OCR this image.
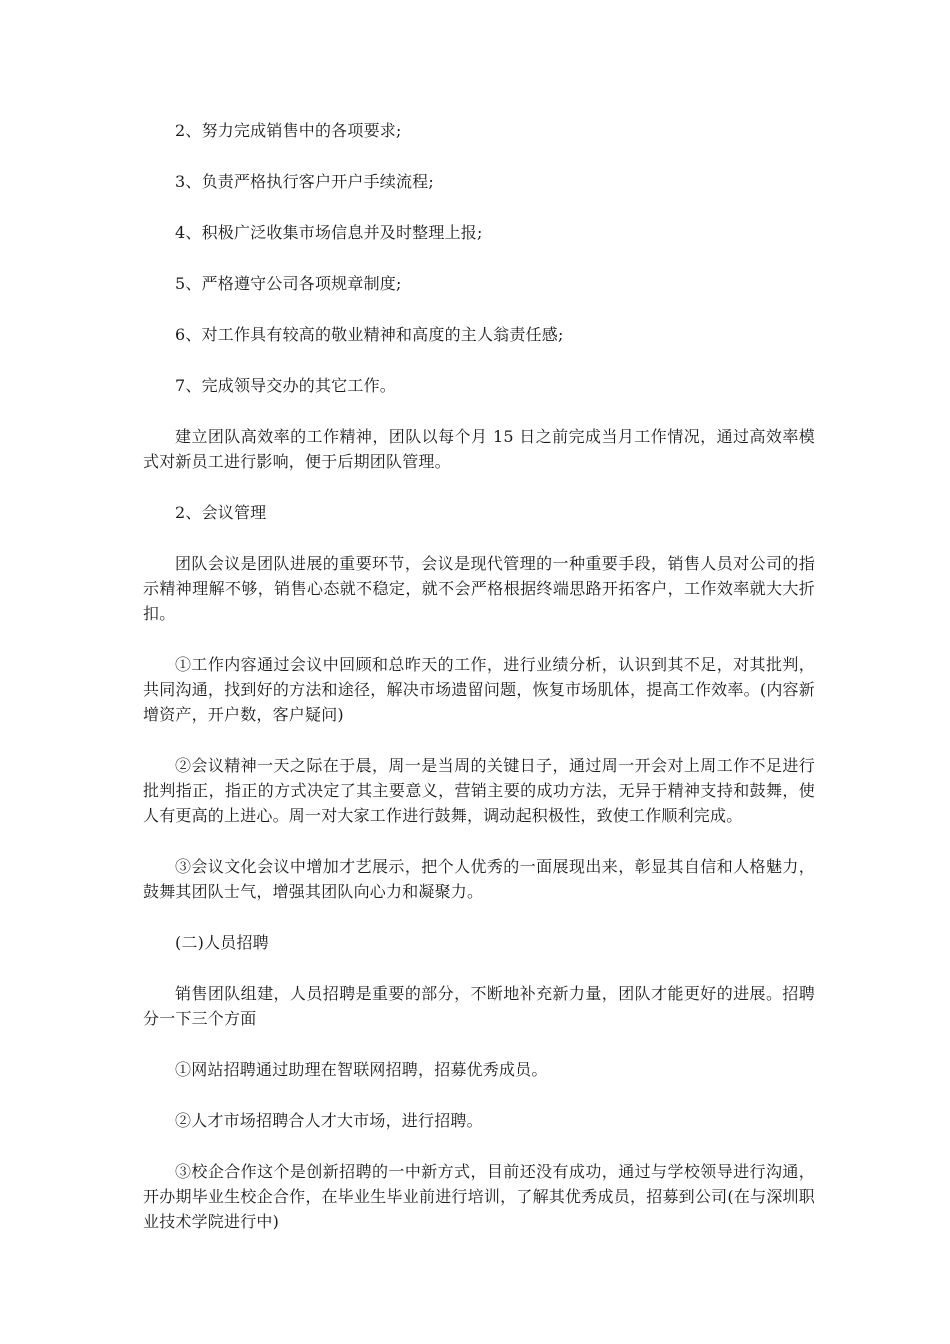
2、努力完成销售中的各项要求;

3、负责严格执行客户开户手续流程;

4、积极广泛收集市场信息并及时整理上报;

5、严格遵守公司各项规章制度;

6、对工作具有较高的敬业精神和高度的主人翁责任感;

7、完成领导交办的其它工作。

建立团队高效率的工作精神，团队以每个月 15 日之前完成当月工作情况，通过高效率模式对新员工进行影响，便于后期团队管理。

2、会议管理

团队会议是团队进展的重要环节，会议是现代管理的一种重要手段，销售人员对公司的指示精神理解不够，销售心态就不稳定，就不会严格根据终端思路开拓客户，工作效率就大大折扣。

①工作内容通过会议中回顾和总昨天的工作，进行业绩分析，认识到其不足，对其批判，共同沟通，找到好的方法和途径，解决市场遗留问题，恢复市场肌体，提高工作效率。(内容新增资产，开户数，客户疑问)

②会议精神一天之际在于晨，周一是当周的关键日子，通过周一开会对上周工作不足进行批判指正，指正的方式决定了其主要意义，营销主要的成功方法，无异于精神支持和鼓舞，使人有更高的上进心。周一对大家工作进行鼓舞，调动起积极性，致使工作顺利完成。

③会议文化会议中增加才艺展示，把个人优秀的一面展现出来，彰显其自信和人格魅力，鼓舞其团队士气，增强其团队向心力和凝聚力。

(二)人员招聘

销售团队组建，人员招聘是重要的部分，不断地补充新力量，团队才能更好的进展。招聘分一下三个方面

①网站招聘通过助理在智联网招聘，招募优秀成员。

②人才市场招聘合人才大市场，进行招聘。

③校企合作这个是创新招聘的一中新方式，目前还没有成功，通过与学校领导进行沟通，开办期毕业生校企合作，在毕业生毕业前进行培训，了解其优秀成员，招募到公司(在与深圳职业技术学院进行中)
